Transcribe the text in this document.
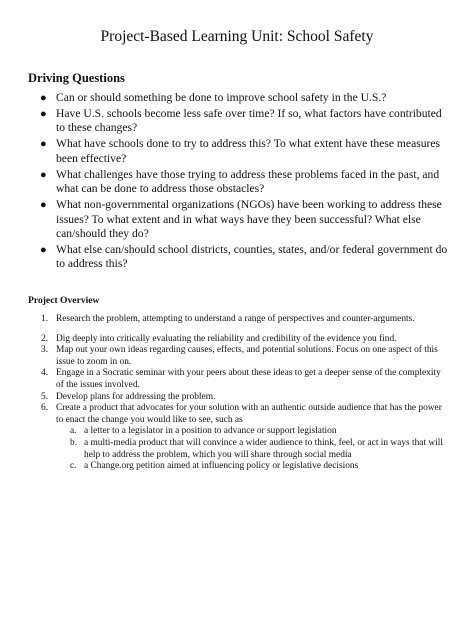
Project-Based Learning Unit: School Safety
Driving Questions
● Can or should something be done to improve school safety in the U.S.?
● Have U.S. schools become less safe over time? If so, what factors have contributed to these changes?
● What have schools done to try to address this? To what extent have these measures been effective?
● What challenges have those trying to address these problems faced in the past, and what can be done to address those obstacles?
● What non-governmental organizations (NGOs) have been working to address these issues? To what extent and in what ways have they been successful? What else can/should they do?
● What else can/should school districts, counties, states, and/or federal government do to address this?
Project Overview
1. Research the problem, attempting to understand a range of perspectives and counter-arguments.
2. Dig deeply into critically evaluating the reliability and credibility of the evidence you find.
3. Map out your own ideas regarding causes, effects, and potential solutions. Focus on one aspect of this issue to zoom in on.
4. Engage in a Socratic seminar with your peers about these ideas to get a deeper sense of the complexity of the issues involved.
5. Develop plans for addressing the problem.
6. Create a product that advocates for your solution with an authentic outside audience that has the power to enact the change you would like to see, such as
a. a letter to a legislator in a position to advance or support legislation
b. a multi-media product that will convince a wider audience to think, feel, or act in ways that will help to address the problem, which you will share through social media
c. a Change.org petition aimed at influencing policy or legislative decisions
